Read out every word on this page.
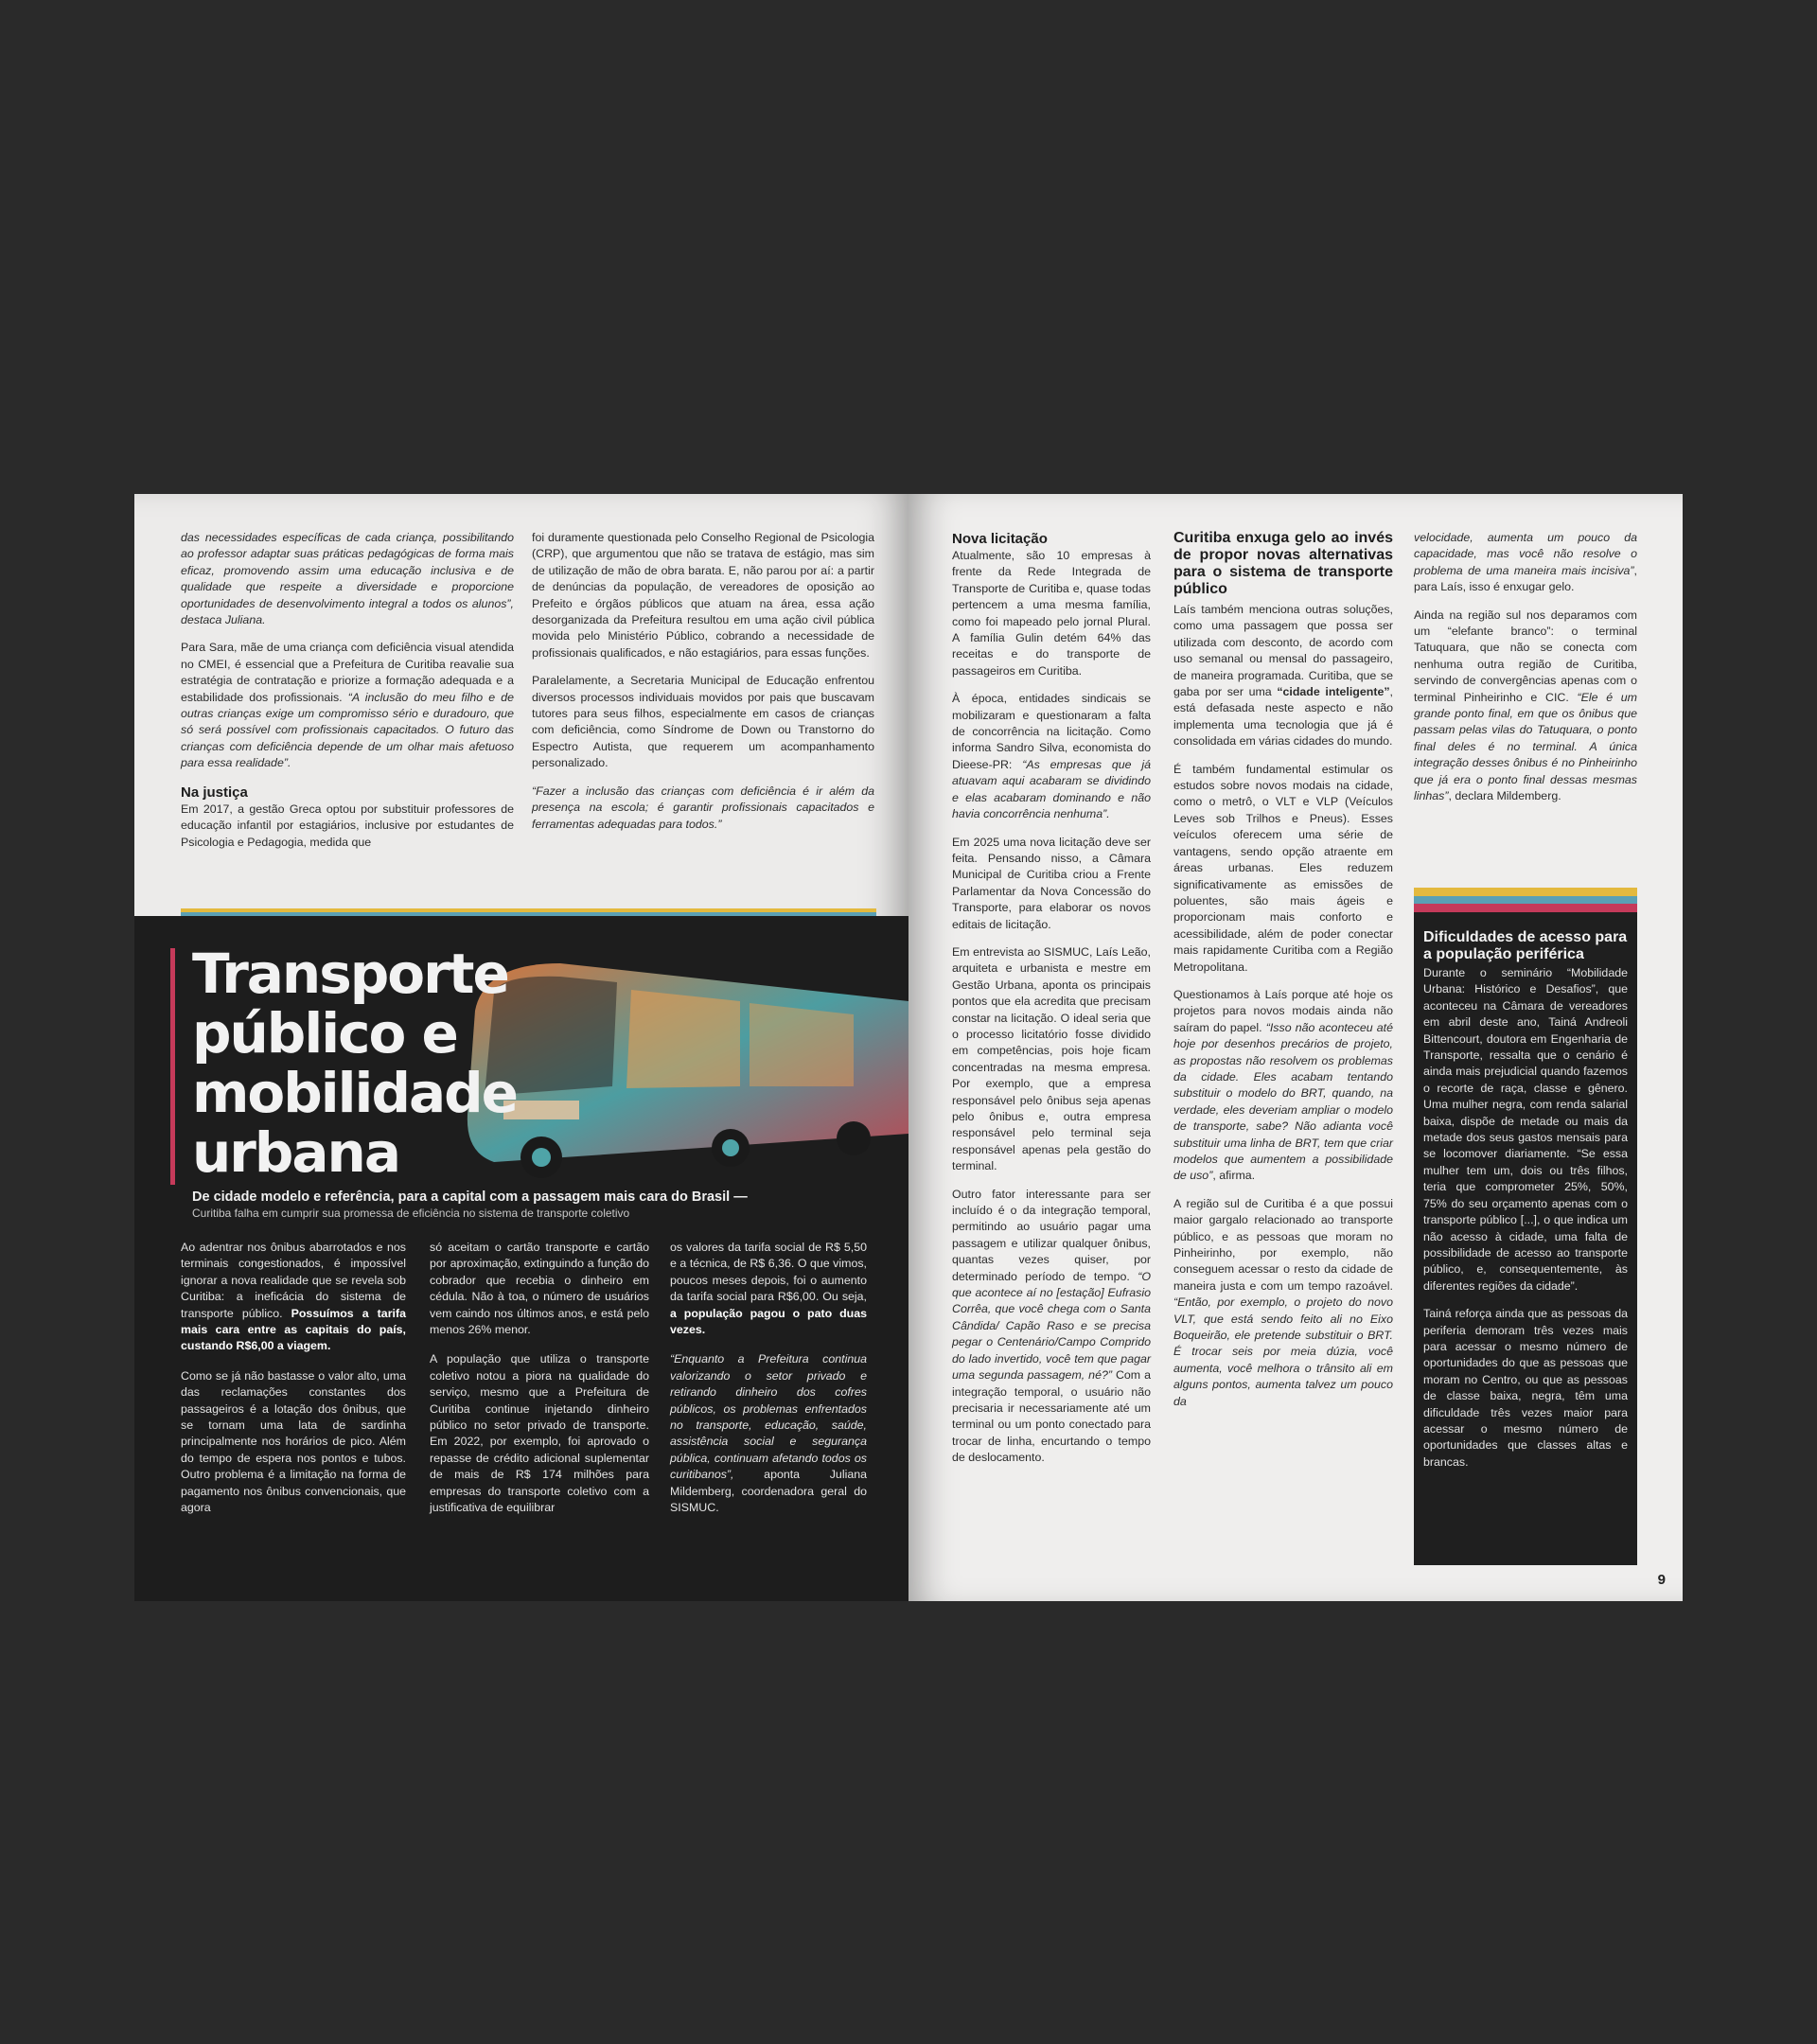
das necessidades específicas de cada criança, possibilitando ao professor adaptar suas práticas pedagógicas de forma mais eficaz, promovendo assim uma educação inclusiva e de qualidade que respeite a diversidade e proporcione oportunidades de desenvolvimento integral a todos os alunos”, destaca Juliana.

Para Sara, mãe de uma criança com deficiência visual atendida no CMEI, é essencial que a Prefeitura de Curitiba reavalie sua estratégia de contratação e priorize a formação adequada e a estabilidade dos profissionais. “A inclusão do meu filho e de outras crianças exige um compromisso sério e duradouro, que só será possível com profissionais capacitados. O futuro das crianças com deficiência depende de um olhar mais afetuoso para essa realidade”.

Na justiça

Em 2017, a gestão Greca optou por substituir professores de educação infantil por estagiários, inclusive por estudantes de Psicologia e Pedagogia, medida que

foi duramente questionada pelo Conselho Regional de Psicologia (CRP), que argumentou que não se tratava de estágio, mas sim de utilização de mão de obra barata. E, não parou por aí: a partir de denúncias da população, de vereadores de oposição ao Prefeito e órgãos públicos que atuam na área, essa ação desorganizada da Prefeitura resultou em uma ação civil pública movida pelo Ministério Público, cobrando a necessidade de profissionais qualificados, e não estagiários, para essas funções.

Paralelamente, a Secretaria Municipal de Educação enfrentou diversos processos individuais movidos por pais que buscavam tutores para seus filhos, especialmente em casos de crianças com deficiência, como Síndrome de Down ou Transtorno do Espectro Autista, que requerem um acompanhamento personalizado.

“Fazer a inclusão das crianças com deficiência é ir além da presença na escola; é garantir profissionais capacitados e ferramentas adequadas para todos.”

Transporte
público e
mobilidade
urbana
De cidade modelo e referência, para a capital com a passagem mais cara do Brasil —
Curitiba falha em cumprir sua promessa de eficiência no sistema de transporte coletivo

Ao adentrar nos ônibus abarrotados e nos terminais congestionados, é impossível ignorar a nova realidade que se revela sob Curitiba: a ineficácia do sistema de transporte público. Possuímos a tarifa mais cara entre as capitais do país, custando R$6,00 a viagem.

Como se já não bastasse o valor alto, uma das reclamações constantes dos passageiros é a lotação dos ônibus, que se tornam uma lata de sardinha principalmente nos horários de pico. Além do tempo de espera nos pontos e tubos. Outro problema é a limitação na forma de pagamento nos ônibus convencionais, que agora

só aceitam o cartão transporte e cartão por aproximação, extinguindo a função do cobrador que recebia o dinheiro em cédula. Não à toa, o número de usuários vem caindo nos últimos anos, e está pelo menos 26% menor.

A população que utiliza o transporte coletivo notou a piora na qualidade do serviço, mesmo que a Prefeitura de Curitiba continue injetando dinheiro público no setor privado de transporte. Em 2022, por exemplo, foi aprovado o repasse de crédito adicional suplementar de mais de R$ 174 milhões para empresas do transporte coletivo com a justificativa de equilibrar

os valores da tarifa social de R$ 5,50 e a técnica, de R$ 6,36. O que vimos, poucos meses depois, foi o aumento da tarifa social para R$6,00. Ou seja, a população pagou o pato duas vezes.

“Enquanto a Prefeitura continua valorizando o setor privado e retirando dinheiro dos cofres públicos, os problemas enfrentados no transporte, educação, saúde, assistência social e segurança pública, continuam afetando todos os curitibanos”,	aponta Juliana Mildemberg, coordenadora geral do SISMUC.

Nova licitação

Atualmente, são 10 empresas à frente da Rede Integrada de Transporte de Curitiba e, quase todas pertencem a uma mesma família, como foi mapeado pelo jornal Plural. A família Gulin detém 64% das receitas e do transporte de passageiros em Curitiba.

À época, entidades sindicais se mobilizaram e questionaram a falta de concorrência na licitação. Como informa Sandro Silva, economista do Dieese-PR: “As empresas que já atuavam aqui acabaram se dividindo e elas acabaram dominando e não havia concorrência nenhuma”.

Em 2025 uma nova licitação deve ser feita. Pensando nisso, a Câmara Municipal de Curitiba criou a Frente Parlamentar da Nova Concessão do Transporte, para elaborar os novos editais de licitação.

Em entrevista ao SISMUC, Laís Leão, arquiteta e urbanista e mestre em Gestão Urbana, aponta os principais pontos que ela acredita que precisam constar na licitação. O ideal seria que o processo licitatório fosse dividido em competências, pois hoje ficam concentradas na mesma empresa. Por exemplo, que a empresa responsável pelo ônibus seja apenas pelo ônibus e, outra empresa responsável pelo terminal seja responsável apenas pela gestão do terminal.

Outro fator interessante para ser incluído é o da integração temporal, permitindo ao usuário pagar uma passagem e utilizar qualquer ônibus, quantas vezes quiser, por determinado período de tempo. “O que acontece aí no [estação] Eufrasio Corrêa, que você chega com o Santa Cândida/ Capão Raso e se precisa pegar o Centenário/Campo Comprido do lado invertido, você tem que pagar uma segunda passagem, né?” Com a integração temporal, o usuário não precisaria ir necessariamente até um terminal ou um ponto conectado para trocar de linha, encurtando o tempo de deslocamento.

Curitiba enxuga gelo ao invés de propor novas alternativas para o sistema de transporte público

Laís também menciona outras soluções, como uma passagem que possa ser utilizada com desconto, de acordo com uso semanal ou mensal do passageiro, de maneira programada. Curitiba, que se gaba por ser uma “cidade inteligente”, está defasada neste aspecto e não implementa uma tecnologia que já é consolidada em várias cidades do mundo.

É também fundamental estimular os estudos sobre novos modais na cidade, como o metrô, o VLT e VLP (Veículos Leves sob Trilhos e Pneus). Esses veículos oferecem uma série de vantagens, sendo opção atraente em áreas urbanas. Eles reduzem significativamente as emissões de poluentes, são mais ágeis e proporcionam mais conforto e acessibilidade, além de poder conectar mais rapidamente Curitiba com a Região Metropolitana.

Questionamos à Laís porque até hoje os projetos para novos modais ainda não saíram do papel. “Isso não aconteceu até hoje por desenhos precários de projeto, as propostas não resolvem os problemas da cidade. Eles acabam tentando substituir o modelo do BRT, quando, na verdade, eles deveriam ampliar o modelo de transporte, sabe? Não adianta você substituir uma linha de BRT, tem que criar modelos que aumentem a possibilidade de uso”, afirma.

A região sul de Curitiba é a que possui maior gargalo relacionado ao transporte público, e as pessoas que moram no Pinheirinho, por exemplo, não conseguem acessar o resto da cidade de maneira justa e com um tempo razoável. “Então, por exemplo, o projeto do novo VLT, que está sendo feito ali no Eixo Boqueirão, ele pretende substituir o BRT. É trocar seis por meia dúzia, você aumenta, você melhora o trânsito ali em alguns pontos, aumenta talvez um pouco da

velocidade, aumenta um pouco da capacidade, mas você não resolve o problema de uma maneira mais incisiva”, para Laís, isso é enxugar gelo.

Ainda na região sul nos deparamos com um “elefante branco”: o terminal Tatuquara, que não se conecta com nenhuma outra região de Curitiba, servindo de convergências apenas com o terminal Pinheirinho e CIC. “Ele é um grande ponto final, em que os ônibus que passam pelas vilas do Tatuquara, o ponto final deles é no terminal. A única integração desses ônibus é no Pinheirinho que já era o ponto final dessas mesmas linhas”, declara Mildemberg.

Dificuldades de acesso para a população periférica

Durante o seminário “Mobilidade Urbana: Histórico e Desafios”, que aconteceu na Câmara de vereadores em abril deste ano, Tainá Andreoli Bittencourt, doutora em Engenharia de Transporte, ressalta que o cenário é ainda mais prejudicial quando fazemos o recorte de raça, classe e gênero. Uma mulher negra, com renda salarial baixa, dispõe de metade ou mais da metade dos seus gastos mensais para se locomover diariamente. “Se essa mulher tem um, dois ou três filhos, teria que comprometer 25%, 50%, 75% do seu orçamento apenas com o transporte público [...], o que indica um não acesso à cidade, uma falta de possibilidade de acesso ao transporte público, e, consequentemente, às diferentes regiões da cidade”.

Tainá reforça ainda que as pessoas da periferia demoram três vezes mais para acessar o mesmo número de oportunidades do que as pessoas que moram no Centro, ou que as pessoas de classe baixa, negra, têm uma dificuldade três vezes maior para acessar o mesmo número de oportunidades que classes altas e brancas.

9
